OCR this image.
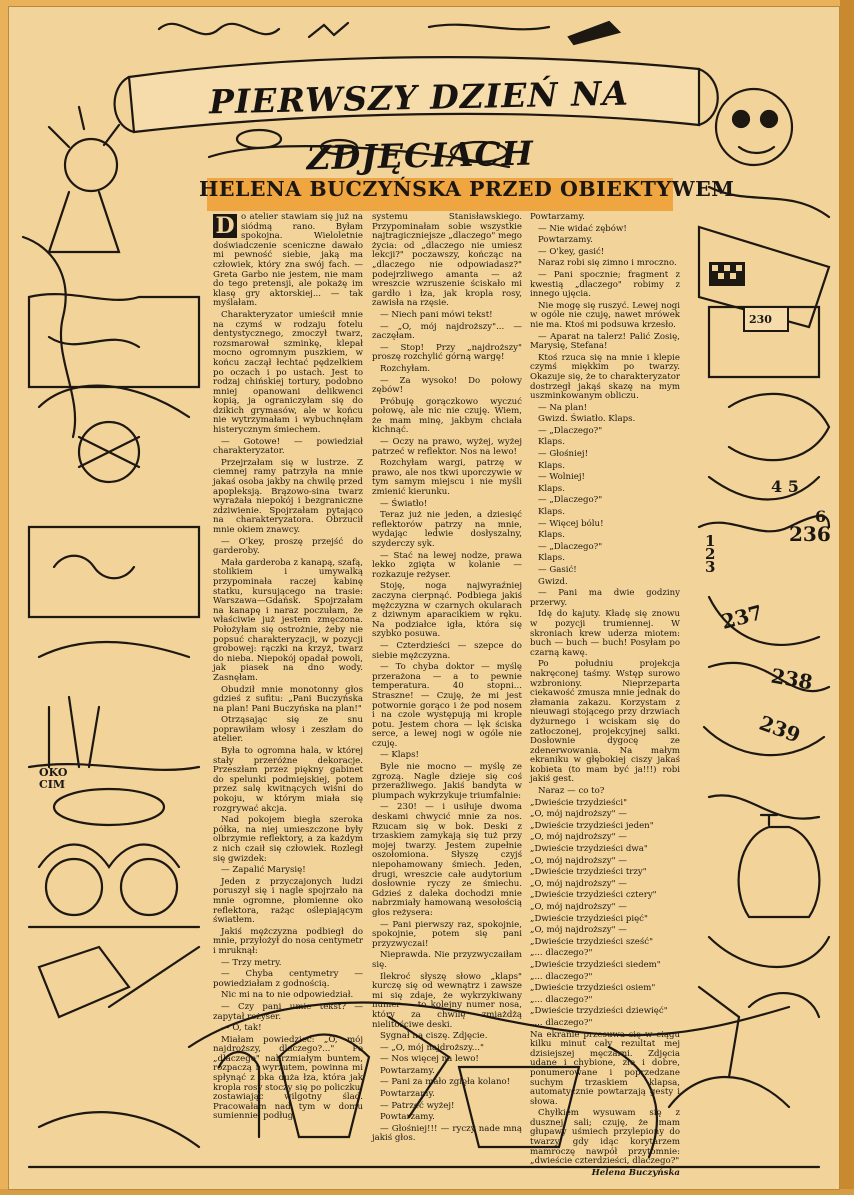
230
OKO CIM
4 5
6
1 2 3
236
237
238
239
PIERWSZY DZIEŃ NA ZDJĘCIACH
HELENA BUCZYŃSKA PRZED OBIEKTYWEM
D o atelier stawiam się już na siódmą rano. Byłam spokojna. Wieloletnie doświadczenie sceniczne dawało mi pewność siebie, jaką ma człowiek, który zna swój fach. — Greta Garbo nie jestem, nie mam do tego pretensji, ale pokażę im klasę gry aktorskiej... — tak myślałam.

Charakteryzator umieścił mnie na czymś w rodzaju fotelu dentystycznego, zmoczył twarz, rozsmarował szminkę, klepał mocno ogromnym puszkiem, w końcu zaczął łechtać pędzelkiem po oczach i po ustach. Jest to rodzaj chińskiej tortury, podobno mniej opanowani delikwenci kopią, ja ograniczyłam się do dzikich grymasów, ale w końcu nie wytrzymałam i wybuchnęłam histerycznym śmiechem.

— Gotowe! — powiedział charakteryzator.

Przejrzałam się w lustrze. Z ciemnej ramy patrzyła na mnie jakaś osoba jakby na chwilę przed apopleksją. Brązowo-sina twarz wyrażała niepokój i bezgraniczne zdziwienie. Spojrzałam pytająco na charakteryzatora. Obrzucił mnie okiem znawcy.

— O'key, proszę przejść do garderoby.

Mała garderoba z kanapą, szafą, stolikiem i umywalką przypominała raczej kabinę statku, kursującego na trasie: Warszawa—Gdańsk. Spojrzałam na kanapę i naraz poczułam, że właściwie już jestem zmęczona. Położyłam się ostrożnie, żeby nie popsuć charakteryzacji, w pozycji grobowej: rączki na krzyż, twarz do nieba. Niepokój opadał powoli, jak piasek na dno wody. Zasnęłam.

Obudził mnie monotonny głos gdzieś z sufitu: „Pani Buczyńska na plan! Pani Buczyńska na plan!"

Otrząsając się ze snu poprawiłam włosy i zeszłam do atelier.

Była to ogromna hala, w której stały przeróżne dekoracje. Przeszłam przez piękny gabinet do spelunki podmiejskiej, potem przez salę kwitnących wiśni do pokoju, w którym miała się rozgrywać akcja.

Nad pokojem biegła szeroka półka, na niej umieszczone były olbrzymie reflektory, a za każdym z nich czaił się człowiek. Rozległ się gwizdek:

— Zapalić Marysię!

Jeden z przyczajonych ludzi poruszył się i nagle spojrzało na mnie ogromne, płomienne oko reflektora, rażąc oślepiającym światłem.

Jakiś mężczyzna podbiegł do mnie, przyłożył do nosa centymetr i mruknął:

— Trzy metry.

— Chyba centymetry — powiedziałam z godnością.

Nic mi na to nie odpowiedział.

— Czy pani umie tekst? — zapytał reżyser.

— O, tak!

Miałam powiedzieć: „O, mój najdroższy, dlaczego?..." Po „dlaczego" nabrzmiałym buntem, rozpaczą i wyrzutem, powinna mi spłynąć z oka duża łza, która jak kropla rosy stoczy się po policzku, zostawiając wilgotny ślad. Pracowałam nad tym w domu sumiennie, podług

systemu Stanisławskiego. Przypominałam sobie wszystkie najtragiczniejsze „dlaczego" mego życia: od „dlaczego nie umiesz lekcji?" poczawszy, kończąc na „dlaczego nie odpowiadasz?" podejrzliwego amanta — aż wreszcie wzruszenie ściskało mi gardło i łza, jak kropla rosy, zawisła na rzęsie.

— Niech pani mówi tekst!

— „O, mój najdroższy"... — zaczęłam.

— Stop! Przy „najdroższy" proszę rozchylić górną wargę!

Rozchyłam.

— Za wysoko! Do połowy zębów!

Próbuję gorączkowo wyczuć połowę, ale nic nie czuję. Wiem, że mam minę, jakbym chciała kichnąć.

— Oczy na prawo, wyżej, wyżej patrzeć w reflektor. Nos na lewo!

Rozchyłam wargi, patrzę w prawo, ale nos tkwi uporczywie w tym samym miejscu i nie myśli zmienić kierunku.

— Światło!

Teraz już nie jeden, a dziesięć reflektorów patrzy na mnie, wydając ledwie dosłyszalny, szyderczy syk.

— Stać na lewej nodze, prawa lekko zgięta w kolanie — rozkazuje reżyser.

Stoję, noga najwyraźniej zaczyna cierpnąć. Podbiega jakiś mężczyzna w czarnych okularach z dziwnym aparacikiem w ręku. Na podziałce igła, która się szybko posuwa.

— Czterdzieści — szepce do siebie mężczyzna.

— To chyba doktor — myślę przerażona — a to pewnie temperatura. 40 stopni... Straszne! — Czuję, że mi jest potwornie gorąco i że pod nosem i na czole występują mi krople potu. Jestem chora — lęk ściska serce, a lewej nogi w ogóle nie czuję.

— Klaps!

Byle nie mocno — myślę ze zgrozą. Nagle dzieje się coś przerażliwego. Jakiś bandyta w piumpach wykrzykuje triumfalnie:

— 230! — i usiłuje dwoma deskami chwycić mnie za nos. Rzucam się w bok. Deski z trzaskiem zamykają się tuż przy mojej twarzy. Jestem zupełnie oszołomiona. Słyszę czyjś niepohamowany śmiech. Jeden, drugi, wreszcie całe audytorium dosłownie ryczy ze śmiechu. Gdzieś z daleka dochodzi mnie nabrzmiały hamowaną wesołością głos reżysera:

— Pani pierwszy raz, spokojnie, spokojnie, potem się pani przyzwyczai!

Nieprawda. Nie przyzwyczaiłam się.

Ilekroć słyszę słowo „klaps" kurczę się od wewnątrz i zawsze mi się zdaje, że wykrzykiwany numer — to kolejny numer nosa, który za chwilę zmiażdżą nielitościwe deski.

Sygnał na ciszę. Zdjęcie.

— „O, mój najdroższy..."

— Nos więcej na lewo!

Powtarzamy.

— Pani za mało zgięła kolano!

Powtarzamy.

— Patrzeć wyżej!

Powtarzamy.

— Głośniej!!! — ryczy nade mną jakiś głos.

Powtarzamy.

— Nie widać zębów!

Powtarzamy.

— O'key, gasić!

Naraz robi się zimno i mroczno.

— Pani spocznie; fragment z kwestią „dlaczego" robimy z innego ujęcia.

Nie mogę się ruszyć. Lewej nogi w ogóle nie czuję, nawet mrówek nie ma. Ktoś mi podsuwa krzesło.

— Aparat na talerz! Palić Zosię, Marysię, Stefana!

Ktoś rzuca się na mnie i klepie czymś miękkim po twarzy. Okazuje się, że to charakteryzator dostrzegł jakąś skazę na mym uszminkowanym obliczu.

— Na plan!

Gwizd. Światło. Klaps.

— „Dlaczego?"

Klaps.

— Głośniej!

Klaps.

— Wolniej!

Klaps.

— „Dlaczego?"

Klaps.

— Więcej bólu!

Klaps.

— „Dlaczego?"

Klaps.

— Gasić!

Gwizd.

— Pani ma dwie godziny przerwy.

Idę do kajuty. Kładę się znowu w pozycji trumiennej. W skroniach krew uderza miotem: buch — buch — buch! Posyłam po czarną kawę.

Po południu projekcja nakręconej taśmy. Wstęp surowo wzbroniony. Nieprzeparta ciekawość zmusza mnie jednak do złamania zakazu. Korzystam z nieuwagi stojącego przy drzwiach dyżurnego i wciskam się do zatłoczonej, projekcyjnej salki. Dosłownie dygocę ze zdenerwowania. Na małym ekraniku w głębokiej ciszy jakaś kobieta (to mam być ja!!!) robi jakiś gest.

Naraz — co to?

„Dwieście trzydzieści"

„O, mój najdroższy" —

„Dwieście trzydzieści jeden"

„O, mój najdroższy" —

„Dwieście trzydzieści dwa"

„O, mój najdroższy" —

„Dwieście trzydzieści trzy"

„O, mój najdroższy" —

„Dwieście trzydzieści cztery"

„O, mój najdroższy" —

„Dwieście trzydzieści pięć"

„O, mój najdroższy" —

„Dwieście trzydzieści sześć"

„... dlaczego?"

„Dwieście trzydzieści siedem"

„... dlaczego?"

„Dwieście trzydzieści osiem"

„... dlaczego?"

„Dwieście trzydzieści dziewięć"

„... dlaczego?"

Na ekranie przesuwa się w ciągu kilku minut cały rezultat mej dzisiejszej męczarni. Zdjęcia udane i chybione, złe i dobre, ponumerowane i poprzedzane suchym trzaskiem klapsa, automatycznie powtarzają gesty i słowa.

Chyłkiem wysuwam się z dusznej sali; czuję, że mam głupawy uśmiech przylepiony do twarzy, gdy idąc korytarzem mamroczę nawpół przytomnie: „dwieście czterdzieści, dlaczego?"

Helena Buczyńska
